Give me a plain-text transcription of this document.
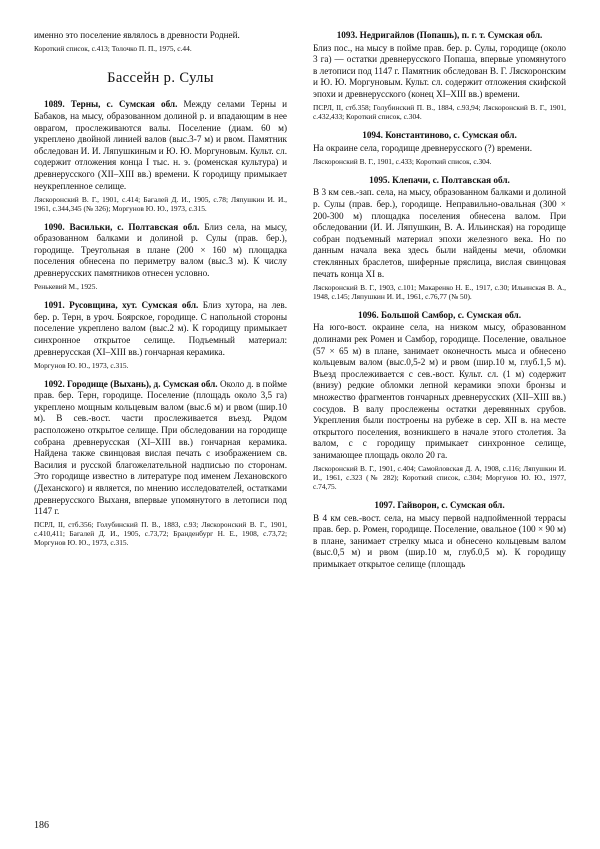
именно это поселение являлось в древности Родней.

Короткий список, с.413; Толочко П. П., 1975, с.44.

Бассейн р. Сулы

1089. Терны, с. Сумская обл. Между селами Терны и Бабаков, на мысу, образованном долиной р. и впадающим в нее оврагом, прослеживаются валы. Поселение (диам. 60 м) укреплено двойной линией валов (выс.3-7 м) и рвом. Памятник обследован И. И. Ляпушкиным и Ю. Ю. Моргуновым. Культ. сл. содержит отложения конца I тыс. н. э. (роменская культура) и древнерусского (XII–XIII вв.) времени. К городищу примыкает неукрепленное селище.

Ляскоронский В. Г., 1901, с.414; Багалей Д. И., 1905, с.78; Ляпушкин И. И., 1961, с.344,345 (№ 326); Моргунов Ю. Ю., 1973, с.315.

1090. Васильки, с. Полтавская обл. Близ села, на мысу, образованном балками и долиной р. Сулы (прав. бер.), городище. Треугольная в плане (200 × 160 м) площадка поселения обнесена по периметру валом (выс.3 м). К числу древнерусских памятников отнесен условно.

Ренькевий М., 1925.

1091. Русовщина, хут. Сумская обл. Близ хутора, на лев. бер. р. Терн, в уроч. Боярское, городище. С напольной стороны поселение укреплено валом (выс.2 м). К городищу примыкает синхронное открытое селище. Подъемный материал: древнерусская (XI–XIII вв.) гончарная керамика.

Моргунов Ю. Ю., 1973, с.315.

1092. Городище (Выхань), д. Сумская обл. Около д. в пойме прав. бер. Терн, городище. Поселение (площадь около 3,5 га) укреплено мощным кольцевым валом (выс.6 м) и рвом (шир.10 м). В сев.-вост. части прослеживается въезд. Рядом расположено открытое селище. При обследовании на городище собрана древнерусская (XI–XIII вв.) гончарная керамика. Найдена также свинцовая вислая печать с изображением св. Василия и русской благожелательной надписью по сторонам. Это городище известно в литературе под именем Лехановского (Деханского) и является, по мнению исследователей, остатками древнерусского Выханя, впервые упомянутого в летописи под 1147 г.

ПСРЛ, II, стб.356; Голубинский П. В., 1883, с.93; Ляскоронский В. Г., 1901, с.410,411; Багалей Д. И., 1905, с.73,72; Бранденбург Н. Е., 1908, с.73,72; Моргунов Ю. Ю., 1973, с.315.

1093. Недригайлов (Попашь), п. г. т. Сумская обл.
Близ пос., на мысу в пойме прав. бер. р. Сулы, городище (около 3 га) — остатки древнерусского Попаша, впервые упомянутого в летописи под 1147 г. Памятник обследован В. Г. Ляскоронским и Ю. Ю. Моргуновым. Культ. сл. содержит отложения скифской эпохи и древнерусского (конец XI–XIII вв.) времени.

ПСРЛ, II, стб.358; Голубинский П. В., 1884, с.93,94; Ляскоронский В. Г., 1901, с.432,433; Короткий список, с.304.

1094. Константиново, с. Сумская обл.
На окраине села, городище древнерусского (?) времени.

Ляскоронский В. Г., 1901, с.433; Короткий список, с.304.

1095. Клепачи, с. Полтавская обл.
В 3 км сев.-зап. села, на мысу, образованном балками и долиной р. Сулы (прав. бер.), городище. Неправильно-овальная (300 × 200-300 м) площадка поселения обнесена валом. При обследовании (И. И. Ляпушкин, В. А. Ильинская) на городище собран подъемный материал эпохи железного века. Но по данным начала века здесь были найдены мечи, обломки стеклянных браслетов, шиферные пряслица, вислая свинцовая печать конца XI в.

Ляскоронский В. Г., 1903, с.101; Макаренко Н. Е., 1917, с.30; Ильинская В. А., 1948, с.145; Ляпушкин И. И., 1961, с.76,77 (№ 50).

1096. Большой Самбор, с. Сумская обл.
На юго-вост. окраине села, на низком мысу, образованном долинами рек Ромен и Самбор, городище. Поселение, овальное (57 × 65 м) в плане, занимает оконечность мыса и обнесено кольцевым валом (выс.0,5-2 м) и рвом (шир.10 м, глуб.1,5 м). Въезд прослеживается с сев.-вост. Культ. сл. (1 м) содержит (внизу) редкие обломки лепной керамики эпохи бронзы и множество фрагментов гончарных древнерусских (XII–XIII вв.) сосудов. В валу прослежены остатки деревянных срубов. Укрепления были построены на рубеже в сер. XII в. на месте открытого поселения, возникшего в начале этого столетия. За валом, с с городищу примыкает синхронное селище, занимающее площадь около 20 га.

Ляскоронский В. Г., 1901, с.404; Самойловская Д. А, 1908, с.116; Ляпушкин И. И., 1961, с.323 (№ 282); Короткий список, с.304; Моргунов Ю. Ю., 1977, с.74,75.

1097. Гайворон, с. Сумская обл.
В 4 км сев.-вост. села, на мысу первой надпойменной террасы прав. бер. р. Ромен, городище. Поселение, овальное (100 × 90 м) в плане, занимает стрелку мыса и обнесено кольцевым валом (выс.0,5 м) и рвом (шир.10 м, глуб.0,5 м). К городищу примыкает открытое селище (площадь

186
